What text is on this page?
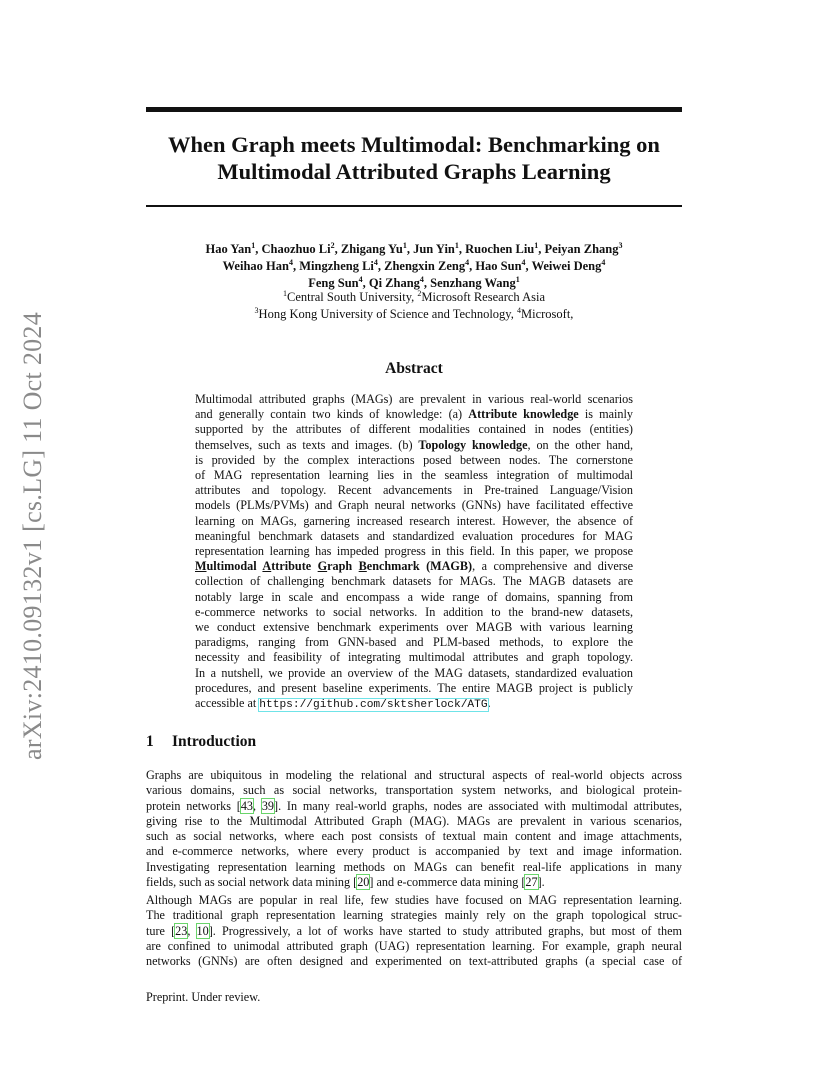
arXiv:2410.09132v1 [cs.LG] 11 Oct 2024
When Graph meets Multimodal: Benchmarking on
Multimodal Attributed Graphs Learning
Hao Yan$^1$, Chaozhuo Li$^2$, Zhigang Yu$^1$, Jun Yin$^1$, Ruochen Liu$^1$, Peiyan Zhang$^3$
Weihao Han$^4$, Mingzheng Li$^4$, Zhengxin Zeng$^4$, Hao Sun$^4$, Weiwei Deng$^4$
Feng Sun$^4$, Qi Zhang$^4$, Senzhang Wang$^1$
$^1$Central South University, $^2$Microsoft Research Asia
$^3$Hong Kong University of Science and Technology, $^4$Microsoft,
Abstract
Multimodal attributed graphs (MAGs) are prevalent in various real-world scenarios
and generally contain two kinds of knowledge: (a) Attribute knowledge is mainly
supported by the attributes of different modalities contained in nodes (entities)
themselves, such as texts and images. (b) Topology knowledge, on the other hand,
is provided by the complex interactions posed between nodes. The cornerstone
of MAG representation learning lies in the seamless integration of multimodal
attributes and topology. Recent advancements in Pre-trained Language/Vision
models (PLMs/PVMs) and Graph neural networks (GNNs) have facilitated effective
learning on MAGs, garnering increased research interest. However, the absence of
meaningful benchmark datasets and standardized evaluation procedures for MAG
representation learning has impeded progress in this field. In this paper, we propose
Multimodal Attribute Graph Benchmark (MAGB), a comprehensive and diverse
collection of challenging benchmark datasets for MAGs. The MAGB datasets are
notably large in scale and encompass a wide range of domains, spanning from
e-commerce networks to social networks. In addition to the brand-new datasets,
we conduct extensive benchmark experiments over MAGB with various learning
paradigms, ranging from GNN-based and PLM-based methods, to explore the
necessity and feasibility of integrating multimodal attributes and graph topology.
In a nutshell, we provide an overview of the MAG datasets, standardized evaluation
procedures, and present baseline experiments. The entire MAGB project is publicly
accessible at https://github.com/sktsherlock/ATG.
1 Introduction
Graphs are ubiquitous in modeling the relational and structural aspects of real-world objects across
various domains, such as social networks, transportation system networks, and biological protein-
protein networks [43, 39]. In many real-world graphs, nodes are associated with multimodal attributes,
giving rise to the Multimodal Attributed Graph (MAG). MAGs are prevalent in various scenarios,
such as social networks, where each post consists of textual main content and image attachments,
and e-commerce networks, where every product is accompanied by text and image information.
Investigating representation learning methods on MAGs can benefit real-life applications in many
fields, such as social network data mining [20] and e-commerce data mining [27].
Although MAGs are popular in real life, few studies have focused on MAG representation learning.
The traditional graph representation learning strategies mainly rely on the graph topological struc-
ture [23, 10]. Progressively, a lot of works have started to study attributed graphs, but most of them
are confined to unimodal attributed graph (UAG) representation learning. For example, graph neural
networks (GNNs) are often designed and experimented on text-attributed graphs (a special case of
Preprint. Under review.
